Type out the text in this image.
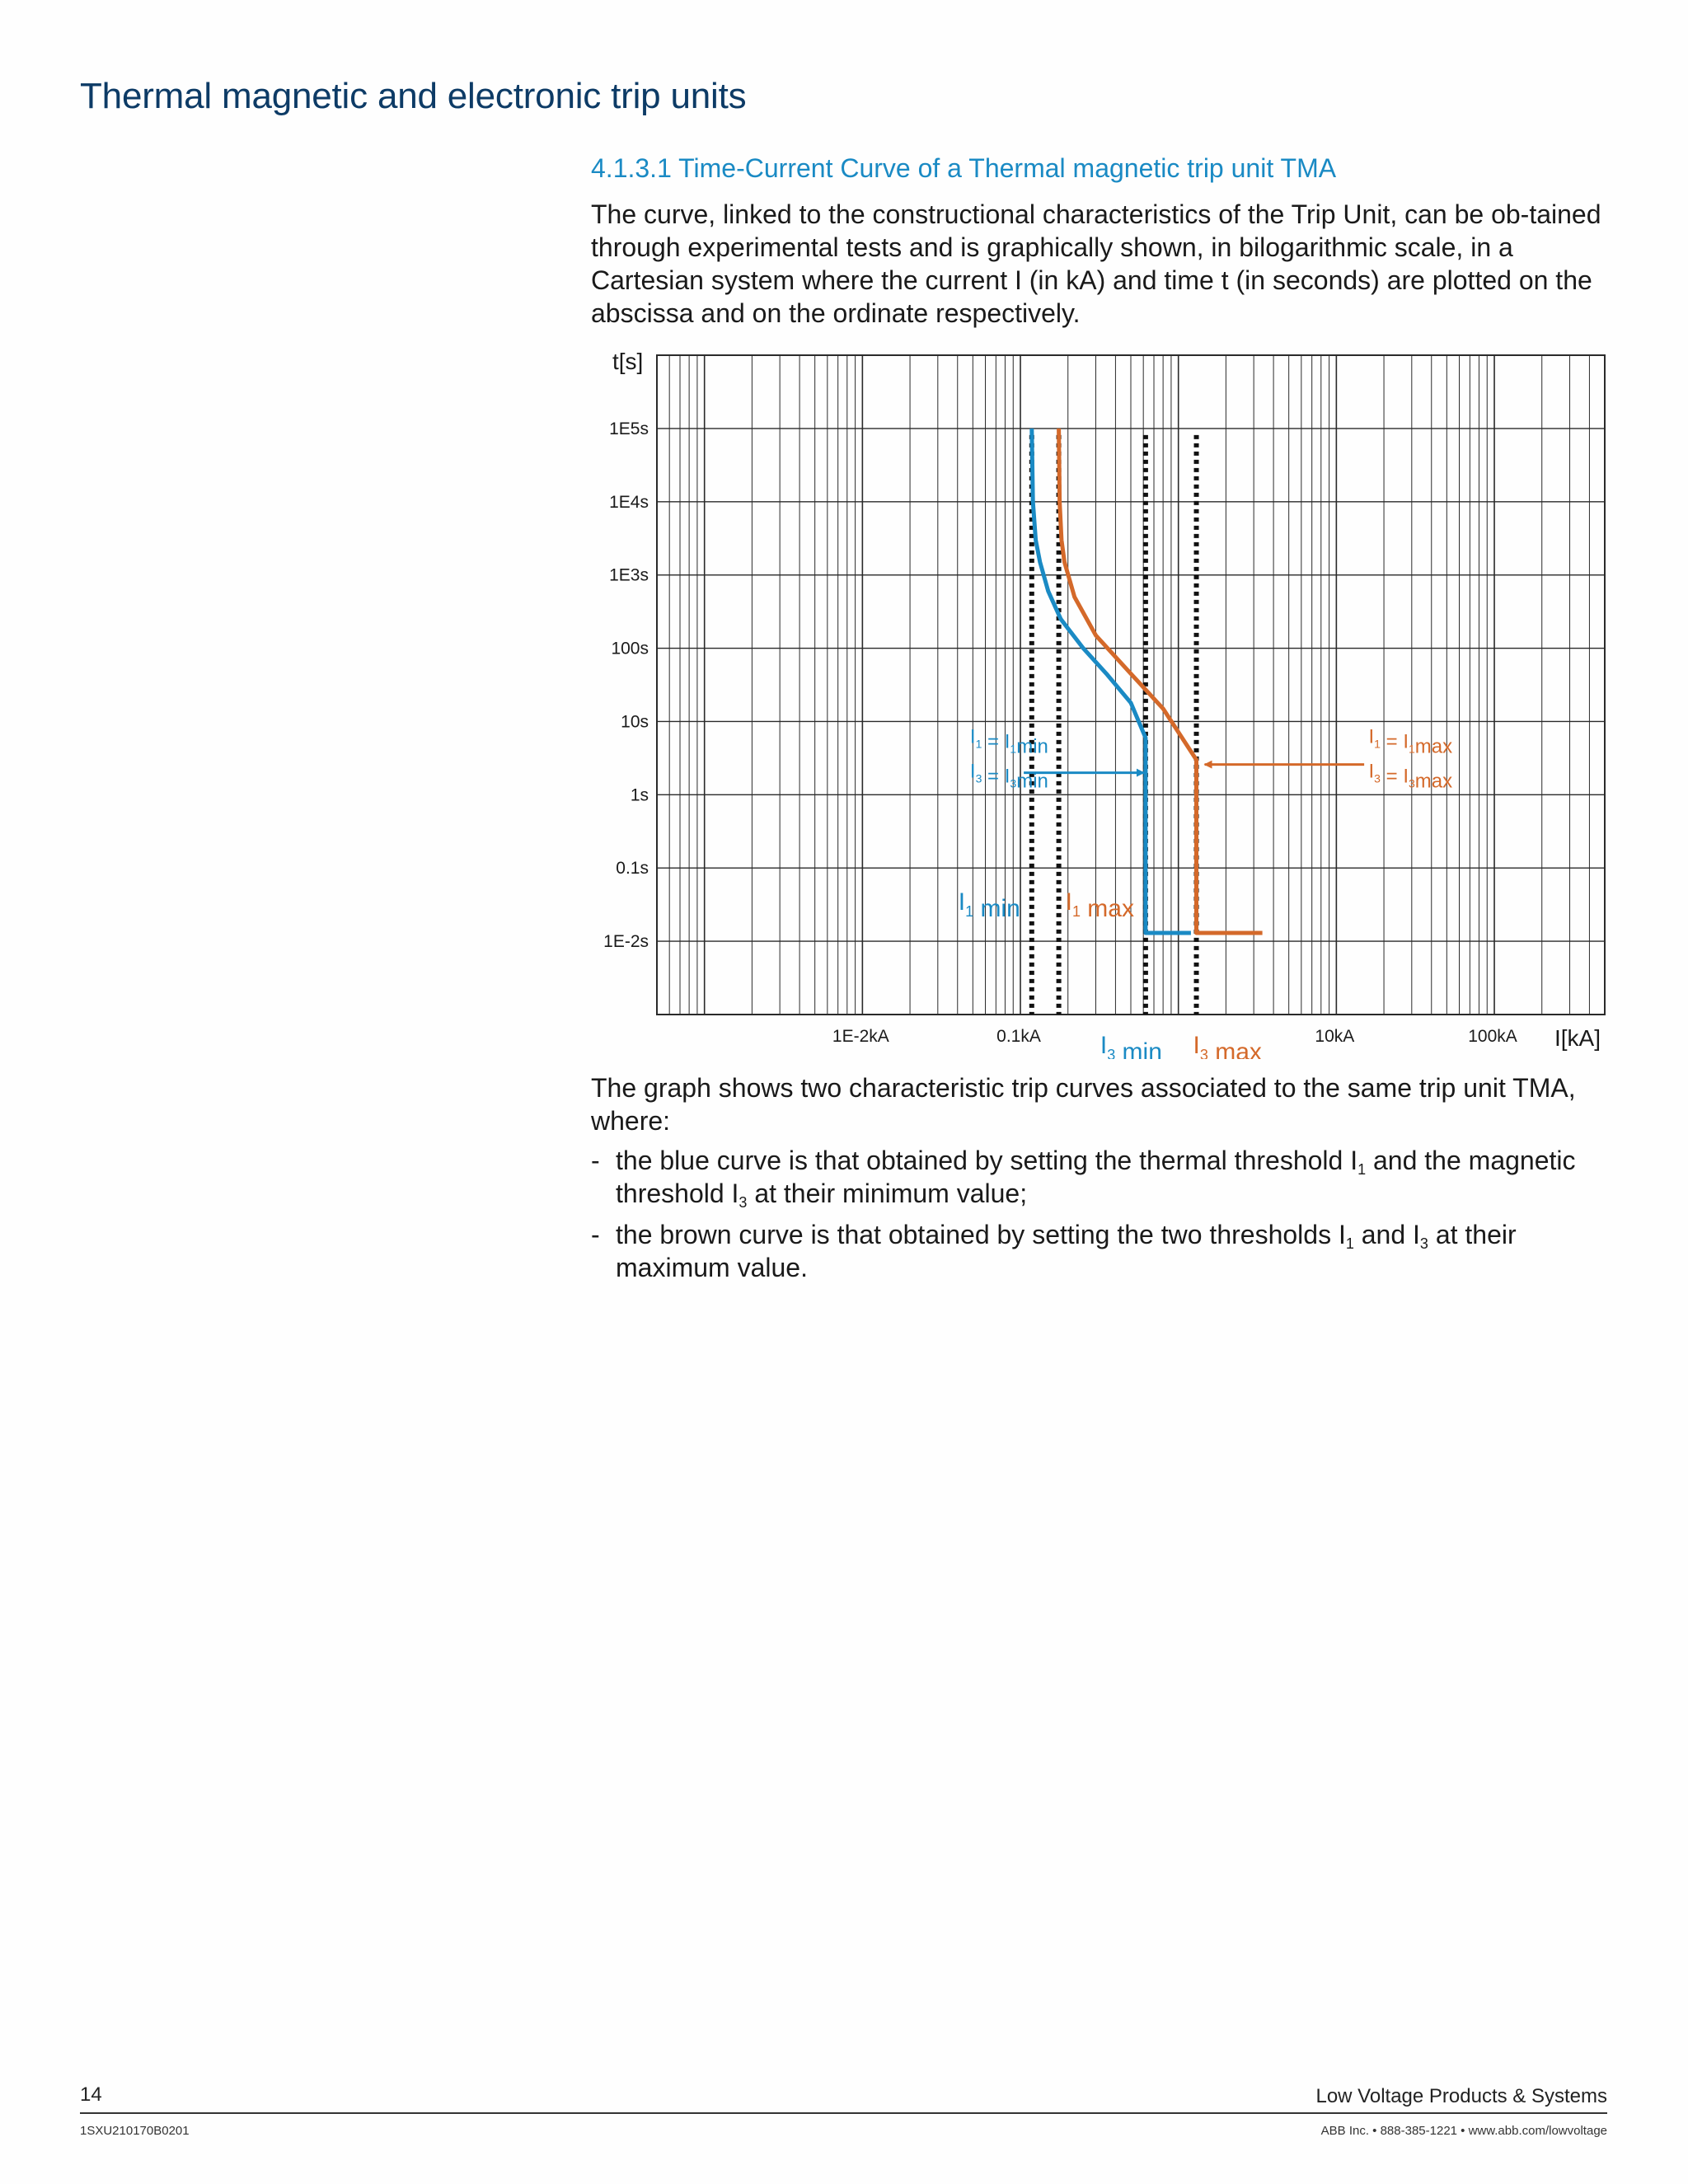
Thermal magnetic and electronic trip units
4.1.3.1 Time-Current Curve of a Thermal magnetic trip unit TMA

The curve, linked to the constructional characteristics of the Trip Unit, can be ob-tained through experimental tests and is graphically shown, in bilogarithmic scale, in a Cartesian system where the current I (in kA) and time t (in seconds) are plotted on the abscissa and on the ordinate respectively.

1E5s
1E4s
1E3s
100s
10s
1s
0.1s
1E-2s
1E-2kA	0.1kA	10kA	100kA
t[s]
I[kA]
$I_1$ $\min I_1$ max
$I_3$ $\min I_3$ max
$I_1 = I_1\min$
$I_3 = I_3\min$
$I_1 = I_1\max$
$I_3 = I_3\max$

The graph shows two characteristic trip curves associated to the same trip unit TMA, where:

- the blue curve is that obtained by setting the thermal threshold $I_1$ and the magnetic threshold $I_3$ at their minimum value;
- the brown curve is that obtained by setting the two thresholds $I_1$ and $I_3$ at their maximum value.
14	Low Voltage Products & Systems
1SXU210170B0201	ABB Inc. • 888-385-1221 • www.abb.com/lowvoltage
